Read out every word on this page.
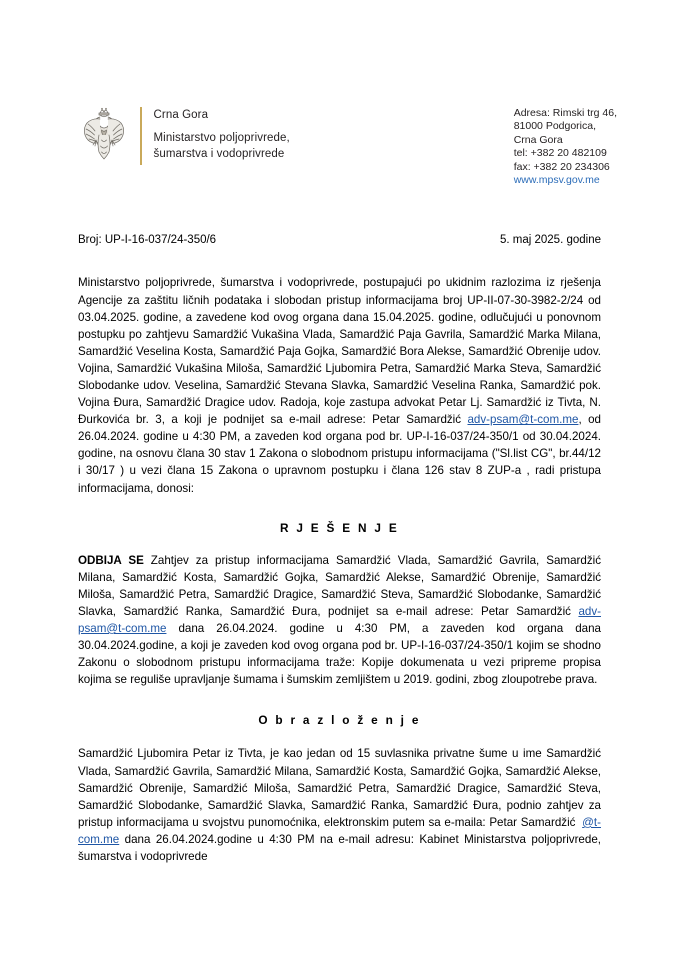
Crna Gora
Ministarstvo poljoprivrede,
šumarstva i vodoprivrede
Adresa: Rimski trg 46,
81000 Podgorica,
Crna Gora
tel: +382 20 482109
fax: +382 20 234306
www.mpsv.gov.me
Broj: UP-I-16-037/24-350/6	5. maj 2025. godine

Ministarstvo poljoprivrede, šumarstva i vodoprivrede, postupajući po ukidnim razlozima iz rješenja Agencije za zaštitu ličnih podataka i slobodan pristup informacijama broj UP-II-07-30-3982-2/24 od 03.04.2025. godine, a zavedene kod ovog organa dana 15.04.2025. godine, odlučujući u ponovnom postupku po zahtjevu Samardžić Vukašina Vlada, Samardžić Paja Gavrila, Samardžić Marka Milana, Samardžić Veselina Kosta, Samardžić Paja Gojka, Samardžić Bora Alekse, Samardžić Obrenije udov. Vojina, Samardžić Vukašina Miloša, Samardžić Ljubomira Petra, Samardžić Marka Steva, Samardžić Slobodanke udov. Veselina, Samardžić Stevana Slavka, Samardžić Veselina Ranka, Samardžić pok. Vojina Đura, Samardžić Dragice udov. Radoja, koje zastupa advokat Petar Lj. Samardžić iz Tivta, N. Đurkovića br. 3, a koji je podnijet sa e-mail adrese: Petar Samardžić adv-psam@t-com.me, od 26.04.2024. godine u 4:30 PM, a zaveden kod organa pod br. UP-I-16-037/24-350/1 od 30.04.2024. godine, na osnovu člana 30 stav 1 Zakona o slobodnom pristupu informacijama ("Sl.list CG", br.44/12 i 30/17 ) u vezi člana 15 Zakona o upravnom postupku i člana 126 stav 8 ZUP-a , radi pristupa informacijama, donosi:

R J E Š E N J E

ODBIJA SE Zahtjev za pristup informacijama Samardžić Vlada, Samardžić Gavrila, Samardžić Milana, Samardžić Kosta, Samardžić Gojka, Samardžić Alekse, Samardžić Obrenije, Samardžić Miloša, Samardžić Petra, Samardžić Dragice, Samardžić Steva, Samardžić Slobodanke, Samardžić Slavka, Samardžić Ranka, Samardžić Đura, podnijet sa e-mail adrese: Petar Samardžić adv-psam@t-com.me dana 26.04.2024. godine u 4:30 PM, a zaveden kod organa dana 30.04.2024.godine, a koji je zaveden kod ovog organa pod br. UP-I-16-037/24-350/1 kojim se shodno Zakonu o slobodnom pristupu informacijama traže: Kopije dokumenata u vezi pripreme propisa kojima se reguliše upravljanje šumama i šumskim zemljištem u 2019. godini, zbog zloupotrebe prava.

O b r a z l o ž e n j e

Samardžić Ljubomira Petar iz Tivta, je kao jedan od 15 suvlasnika privatne šume u ime Samardžić Vlada, Samardžić Gavrila, Samardžić Milana, Samardžić Kosta, Samardžić Gojka, Samardžić Alekse, Samardžić Obrenije, Samardžić Miloša, Samardžić Petra, Samardžić Dragice, Samardžić Steva, Samardžić Slobodanke, Samardžić Slavka, Samardžić Ranka, Samardžić Đura, podnio zahtjev za pristup informacijama u svojstvu punomoćnika, elektronskim putem sa e-maila: Petar Samardžić @t-com.me dana 26.04.2024.godine u 4:30 PM na e-mail adresu: Kabinet Ministarstva poljoprivrede, šumarstva i vodoprivrede
